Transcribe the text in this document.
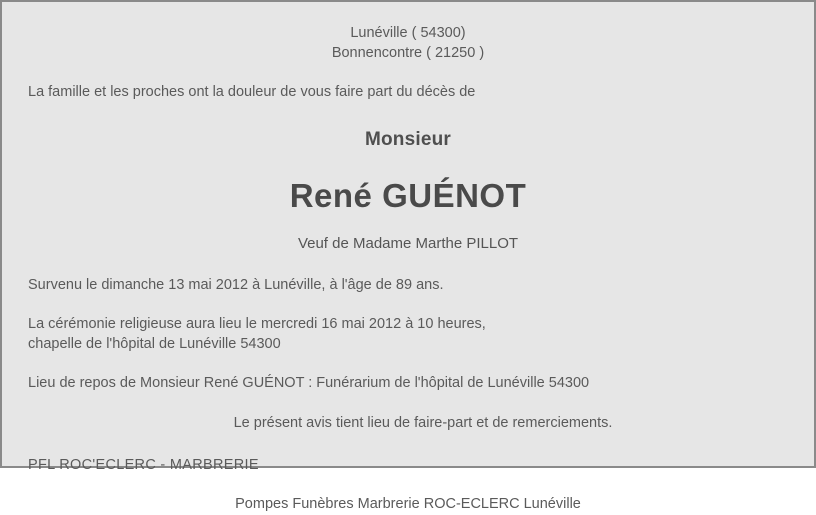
Lunéville ( 54300)
Bonnencontre ( 21250 )
La famille et les proches ont la douleur de vous faire part du décès de
Monsieur
René GUÉNOT
Veuf de Madame Marthe PILLOT
Survenu le dimanche 13 mai 2012 à Lunéville, à l'âge de 89 ans.
La cérémonie religieuse aura lieu le mercredi 16 mai 2012 à 10 heures,
chapelle de l'hôpital de Lunéville 54300
Lieu de repos de Monsieur René GUÉNOT : Funérarium de l'hôpital de Lunéville 54300
Le présent avis tient lieu de faire-part et de remerciements.
PFL ROC'ECLERC - MARBRERIE
Pompes Funèbres Marbrerie ROC-ECLERC Lunéville
